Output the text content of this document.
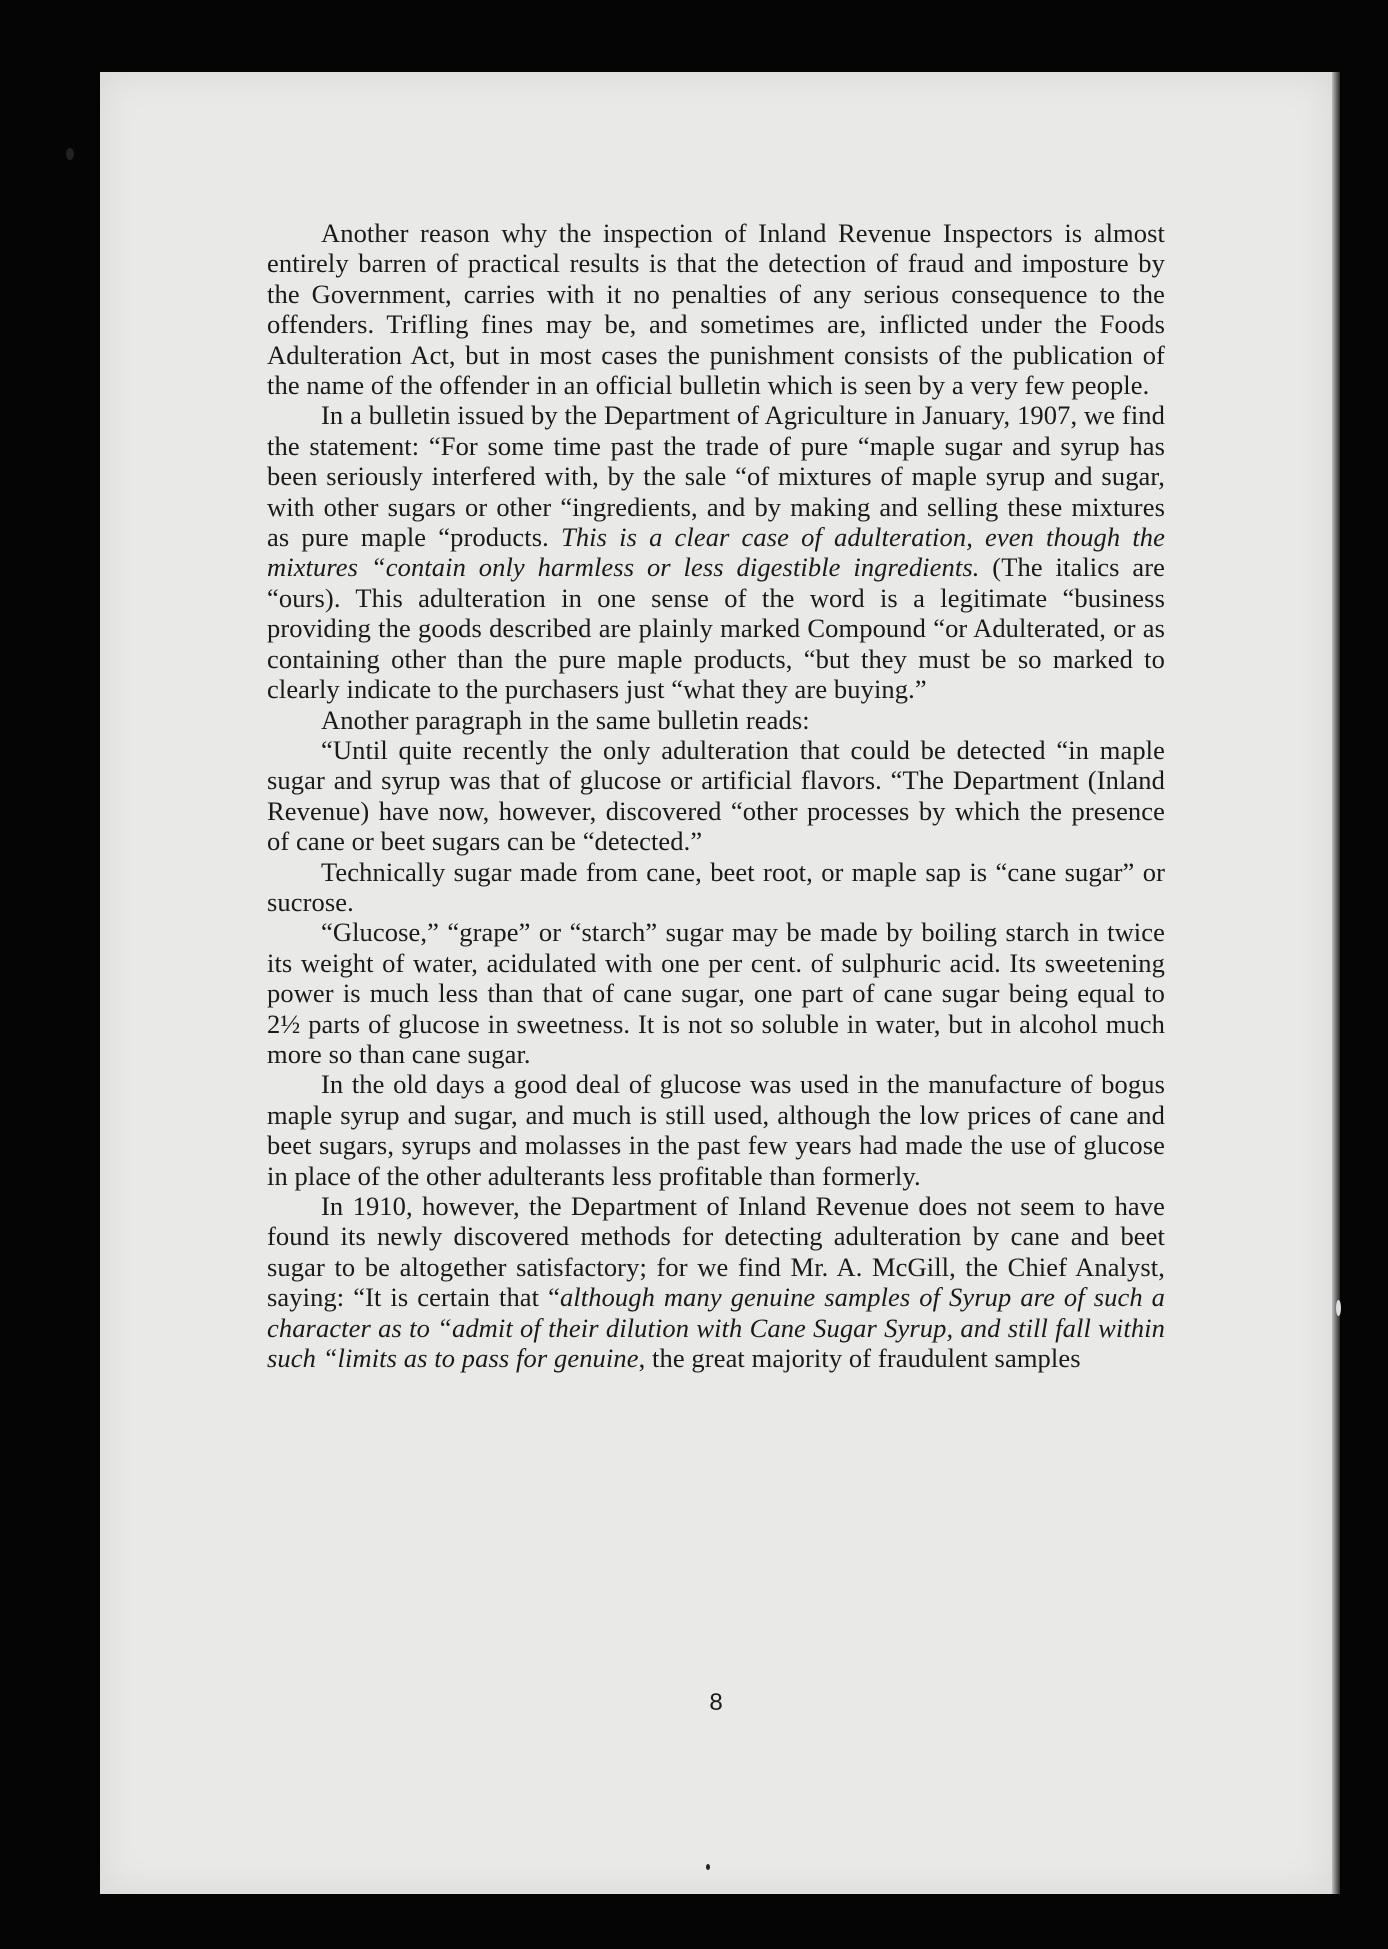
Another reason why the inspection of Inland Revenue Inspectors is almost entirely barren of practical results is that the detection of fraud and imposture by the Government, carries with it no penalties of any serious consequence to the offenders. Trifling fines may be, and sometimes are, inflicted under the Foods Adulteration Act, but in most cases the punishment consists of the publication of the name of the offender in an official bulletin which is seen by a very few people.

In a bulletin issued by the Department of Agriculture in January, 1907, we find the statement: “For some time past the trade of pure “maple sugar and syrup has been seriously interfered with, by the sale “of mixtures of maple syrup and sugar, with other sugars or other “ingredients, and by making and selling these mixtures as pure maple “products. This is a clear case of adulteration, even though the mixtures “contain only harmless or less digestible ingredients. (The italics are “ours). This adulteration in one sense of the word is a legitimate “business providing the goods described are plainly marked Compound “or Adulterated, or as containing other than the pure maple products, “but they must be so marked to clearly indicate to the purchasers just “what they are buying.”

Another paragraph in the same bulletin reads:

“Until quite recently the only adulteration that could be detected “in maple sugar and syrup was that of glucose or artificial flavors. “The Department (Inland Revenue) have now, however, discovered “other processes by which the presence of cane or beet sugars can be “detected.”

Technically sugar made from cane, beet root, or maple sap is “cane sugar” or sucrose.

“Glucose,” “grape” or “starch” sugar may be made by boiling starch in twice its weight of water, acidulated with one per cent. of sulphuric acid. Its sweetening power is much less than that of cane sugar, one part of cane sugar being equal to 2½ parts of glucose in sweetness. It is not so soluble in water, but in alcohol much more so than cane sugar.

In the old days a good deal of glucose was used in the manufacture of bogus maple syrup and sugar, and much is still used, although the low prices of cane and beet sugars, syrups and molasses in the past few years had made the use of glucose in place of the other adulterants less profitable than formerly.

In 1910, however, the Department of Inland Revenue does not seem to have found its newly discovered methods for detecting adulteration by cane and beet sugar to be altogether satisfactory; for we find Mr. A. McGill, the Chief Analyst, saying: “It is certain that “although many genuine samples of Syrup are of such a character as to “admit of their dilution with Cane Sugar Syrup, and still fall within such “limits as to pass for genuine, the great majority of fraudulent samples

8
